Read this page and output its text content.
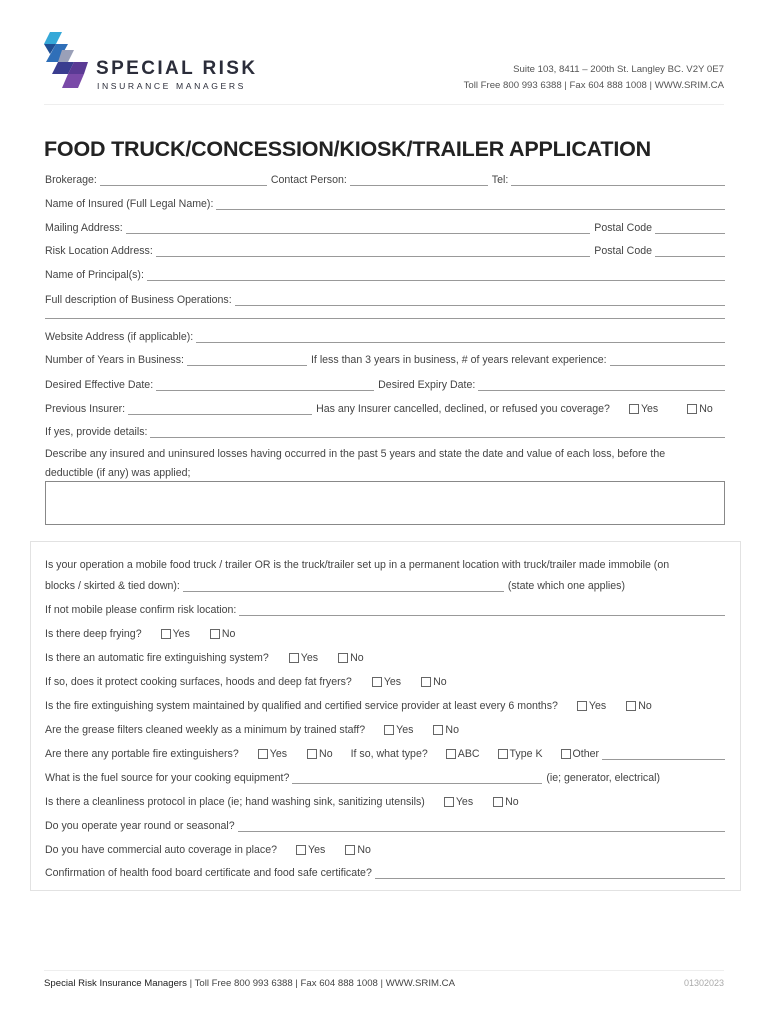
SPECIAL RISK
INSURANCE MANAGERS
Suite 103, 8411 – 200th St. Langley BC. V2Y 0E7
Toll Free 800 993 6388 | Fax 604 888 1008 | WWW.SRIM.CA
FOOD TRUCK/CONCESSION/KIOSK/TRAILER APPLICATION
Brokerage:	Contact Person:	Tel:
Name of Insured (Full Legal Name):
Mailing Address:	Postal Code
Risk Location Address:	Postal Code
Name of Principal(s):
Full description of Business Operations:
Website Address (if applicable):
Number of Years in Business:	If less than 3 years in business, # of years relevant experience:
Desired Effective Date:	Desired Expiry Date:
Previous Insurer:	Has any Insurer cancelled, declined, or refused you coverage?	Yes	No
If yes, provide details:
Describe any insured and uninsured losses having occurred in the past 5 years and state the date and value of each loss, before the deductible (if any) was applied;
Is your operation a mobile food truck / trailer OR is the truck/trailer set up in a permanent location with truck/trailer made immobile (on
blocks / skirted & tied down):	(state which one applies)
If not mobile please confirm risk location:
Is there deep frying?	Yes	No
Is there an automatic fire extinguishing system?	Yes	No
If so, does it protect cooking surfaces, hoods and deep fat fryers?	Yes	No
Is the fire extinguishing system maintained by qualified and certified service provider at least every 6 months?	Yes	No
Are the grease filters cleaned weekly as a minimum by trained staff?	Yes	No
Are there any portable fire extinguishers?	Yes	No If so, what type?	ABC	Type K	Other
What is the fuel source for your cooking equipment?	(ie; generator, electrical)
Is there a cleanliness protocol in place (ie; hand washing sink, sanitizing utensils)	Yes	No
Do you operate year round or seasonal?
Do you have commercial auto coverage in place?	Yes	No
Confirmation of health food board certificate and food safe certificate?
Special Risk Insurance Managers | Toll Free 800 993 6388 | Fax 604 888 1008 | WWW.SRIM.CA	01302023
